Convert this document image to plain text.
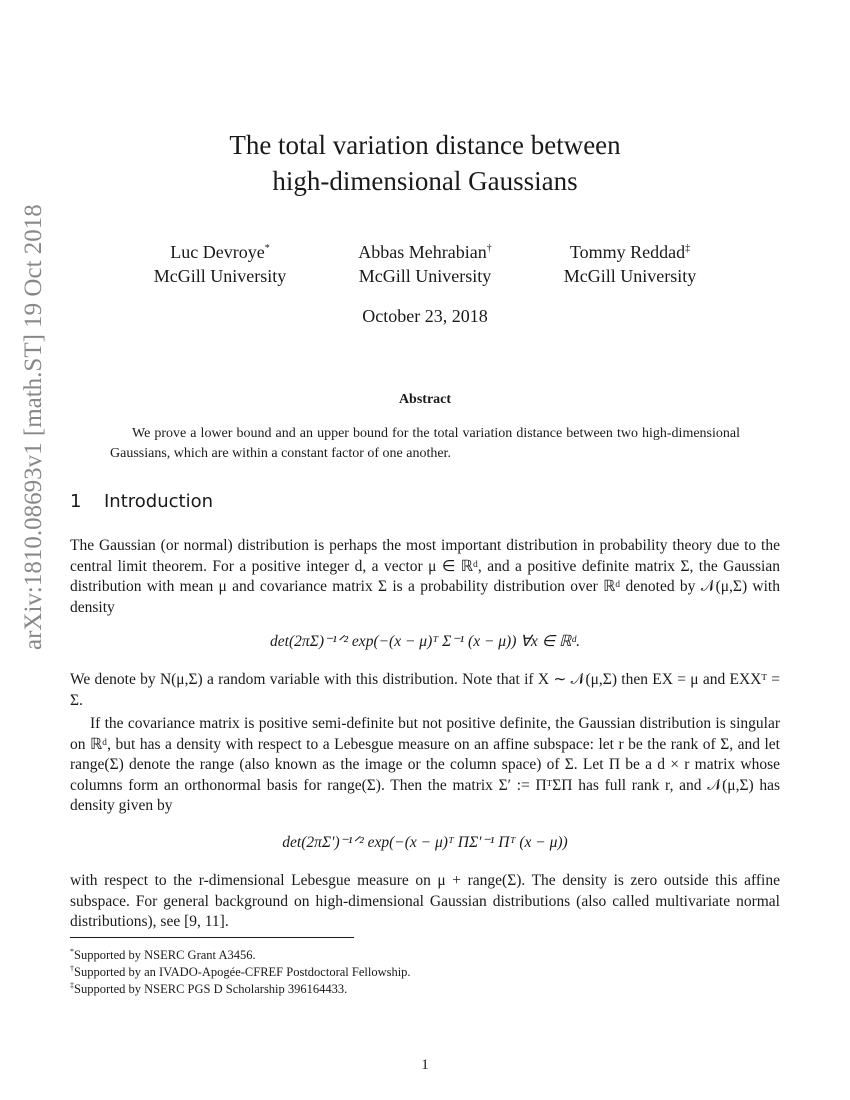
arXiv:1810.08693v1 [math.ST] 19 Oct 2018
The total variation distance between
high-dimensional Gaussians
Luc Devroye*
McGill University
Abbas Mehrabian†
McGill University
Tommy Reddad‡
McGill University
October 23, 2018
Abstract
We prove a lower bound and an upper bound for the total variation distance between two high-dimensional Gaussians, which are within a constant factor of one another.
1 Introduction
The Gaussian (or normal) distribution is perhaps the most important distribution in probability theory due to the central limit theorem. For a positive integer d, a vector μ ∈ ℝᵈ, and a positive definite matrix Σ, the Gaussian distribution with mean μ and covariance matrix Σ is a probability distribution over ℝᵈ denoted by 𝒩(μ,Σ) with density
det(2πΣ)⁻¹ᐟ² exp(−(x − μ)ᵀ Σ⁻¹ (x − μ)) ∀x ∈ ℝᵈ.
We denote by N(μ,Σ) a random variable with this distribution. Note that if X ∼ 𝒩(μ,Σ) then EX = μ and EXXᵀ = Σ.
If the covariance matrix is positive semi-definite but not positive definite, the Gaussian distribution is singular on ℝᵈ, but has a density with respect to a Lebesgue measure on an affine subspace: let r be the rank of Σ, and let range(Σ) denote the range (also known as the image or the column space) of Σ. Let Π be a d × r matrix whose columns form an orthonormal basis for range(Σ). Then the matrix Σ′ := ΠᵀΣΠ has full rank r, and 𝒩(μ,Σ) has density given by
det(2πΣ′)⁻¹ᐟ² exp(−(x − μ)ᵀ ΠΣ′⁻¹ Πᵀ (x − μ))
with respect to the r-dimensional Lebesgue measure on μ + range(Σ). The density is zero outside this affine subspace. For general background on high-dimensional Gaussian distributions (also called multivariate normal distributions), see [9, 11].
*Supported by NSERC Grant A3456.
†Supported by an IVADO-Apogée-CFREF Postdoctoral Fellowship.
‡Supported by NSERC PGS D Scholarship 396164433.
1
